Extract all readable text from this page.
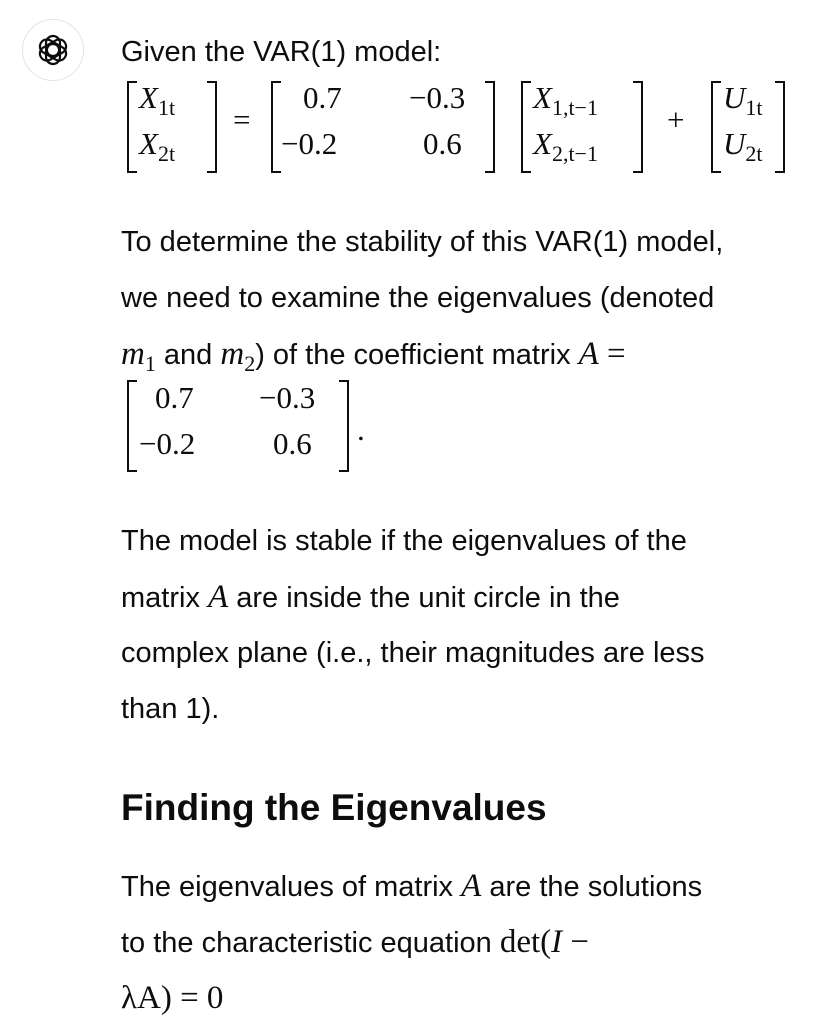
Given the VAR(1) model:
$X_{1t}$
$X_{2t}$
=
0.7 −0.3
−0.2	0.6
$X_{1,t-1}$
$X_{2,t-1}$
+
$U_{1t}$
$U_{2t}$
To determine the stability of this VAR(1) model,
we need to examine the eigenvalues (denoted
$m_1$ and $m_2$) of the coefficient matrix A =
0.7 −0.3
−0.2	0.6 .
The model is stable if the eigenvalues of the
matrix A are inside the unit circle in the
complex plane (i.e., their magnitudes are less
than 1).
Finding the Eigenvalues
The eigenvalues of matrix A are the solutions
to the characteristic equation det(I −
λA) = 0
